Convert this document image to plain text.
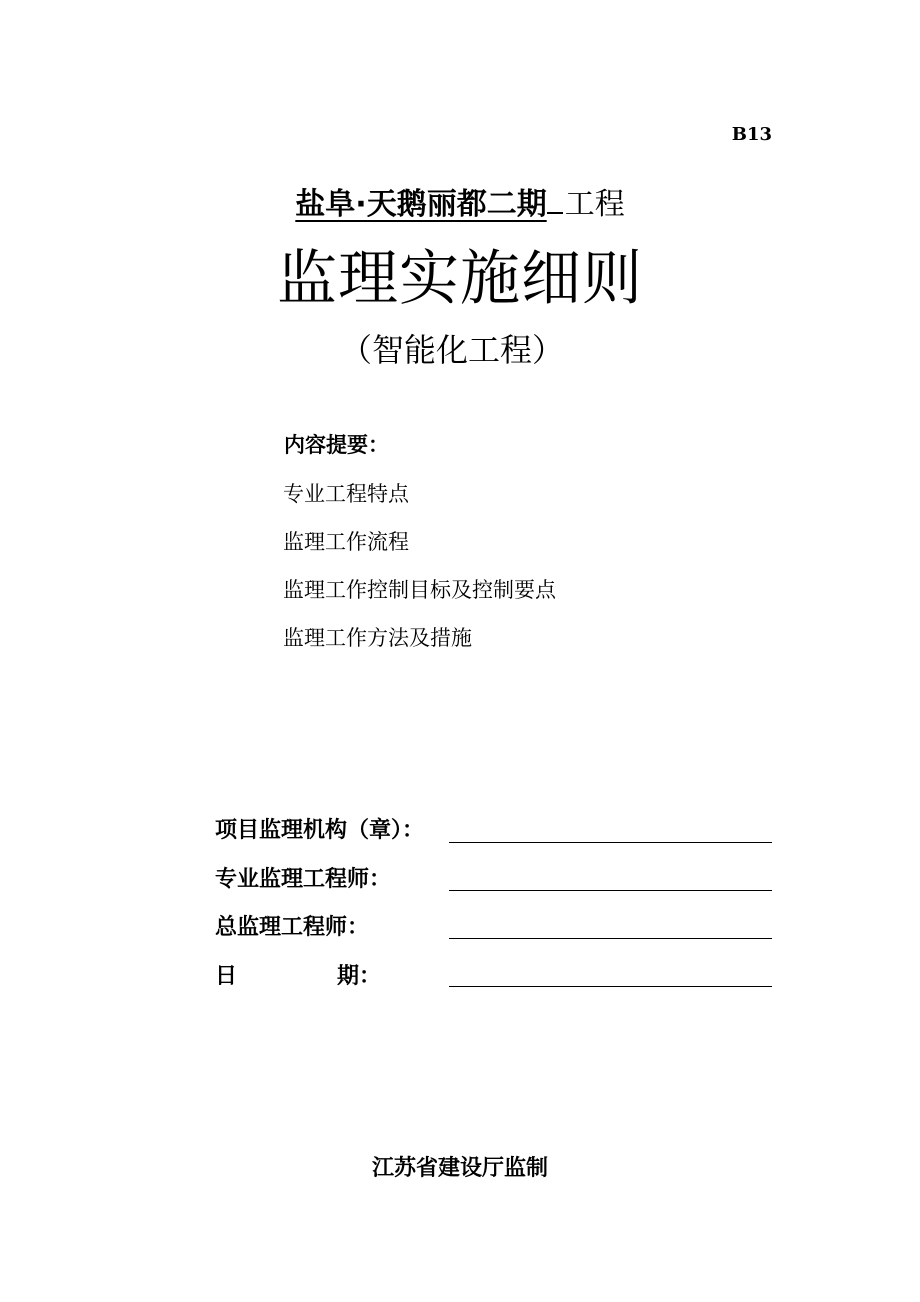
B13
盐阜·天鹅丽都二期 工程
监理实施细则
（智能化工程）
内容提要：
专业工程特点
监理工作流程
监理工作控制目标及控制要点
监理工作方法及措施
项目监理机构（章）：
专业监理工程师：
总监理工程师：
日	期：
江苏省建设厅监制
